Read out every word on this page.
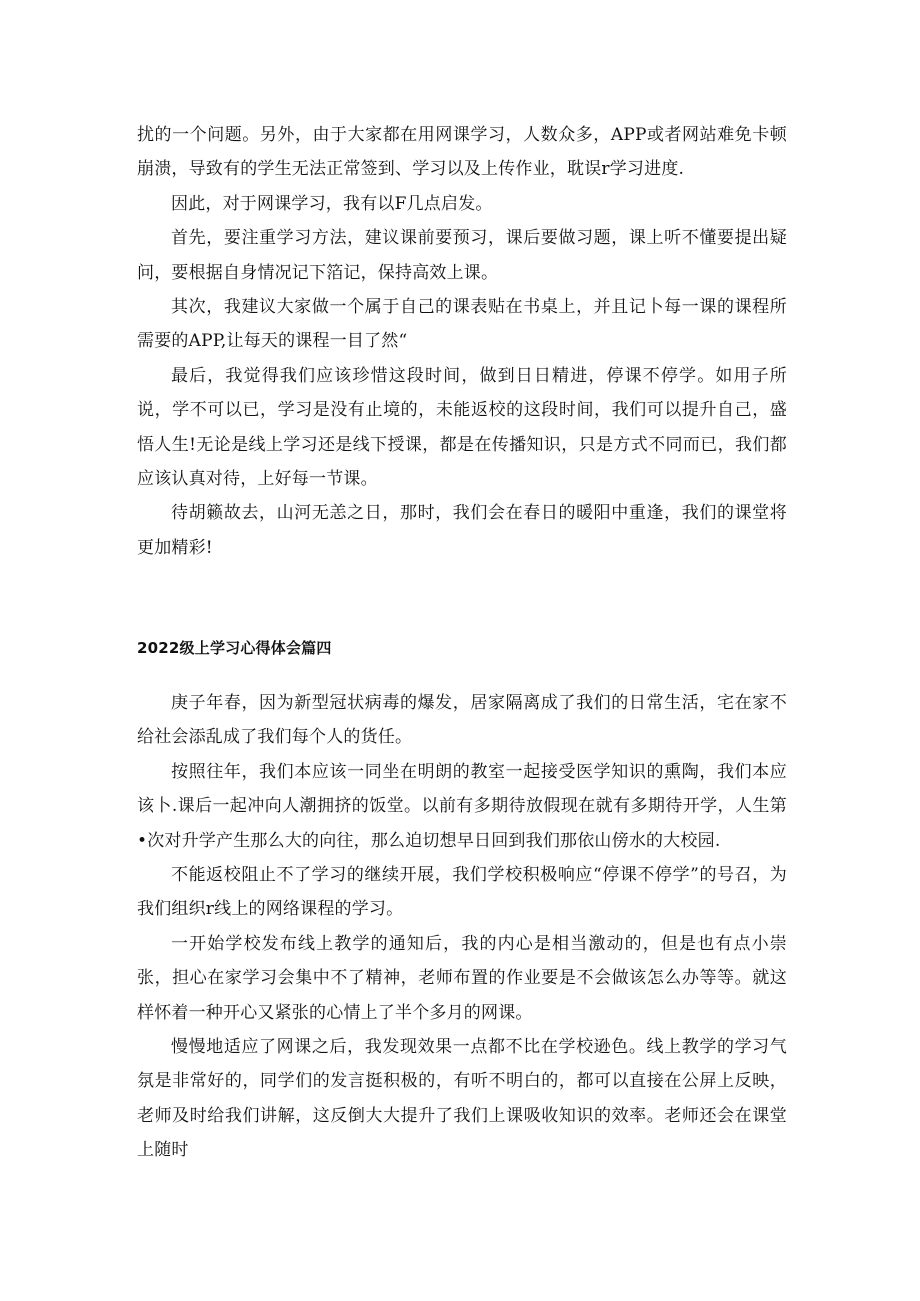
扰的一个问题。另外，由于大家都在用网课学习，人数众多，APP或者网站难免卡顿崩溃，导致有的学生无法正常签到、学习以及上传作业，耽误r学习进度.

因此，对于网课学习，我有以F几点启发。

首先，要注重学习方法，建议课前要预习，课后要做习题，课上听不懂要提出疑问，要根据自身情况记下箔记，保持高效上课。

其次，我建议大家做一个属于自己的课表贴在书桌上，并且记卜每一课的课程所需要的APP,让每天的课程一目了然“

最后，我觉得我们应该珍惜这段时间，做到日日精进，停课不停学。如用子所说，学不可以已，学习是没有止境的，未能返校的这段时间，我们可以提升自己，盛悟人生!无论是线上学习还是线下授课，都是在传播知识，只是方式不同而已，我们都应该认真对待，上好每一节课。

待胡籁故去，山河无恙之日，那时，我们会在春日的暖阳中重逢，我们的课堂将更加精彩!

2022级上学习心得体会篇四

庚子年春，因为新型冠状病毒的爆发，居家隔离成了我们的日常生活，宅在家不给社会添乱成了我们每个人的货任。

按照往年，我们本应该一同坐在明朗的教室一起接受医学知识的熏陶，我们本应该卜.课后一起冲向人潮拥挤的饭堂。以前有多期待放假现在就有多期待开学，人生第•次对升学产生那么大的向往，那么迫切想早日回到我们那依山傍水的大校园.

不能返校阻止不了学习的继续开展，我们学校积极响应“停课不停学”的号召，为我们组织r线上的网络课程的学习。

一开始学校发布线上教学的通知后，我的内心是相当激动的，但是也有点小崇张，担心在家学习会集中不了精神，老师布置的作业要是不会做该怎么办等等。就这样怀着一种开心又紧张的心情上了半个多月的网课。

慢慢地适应了网课之后，我发现效果一点都不比在学校逊色。线上教学的学习气氛是非常好的，同学们的发言挺积极的，有听不明白的，都可以直接在公屏上反映，老师及时给我们讲解，这反倒大大提升了我们上课吸收知识的效率。老师还会在课堂上随时
